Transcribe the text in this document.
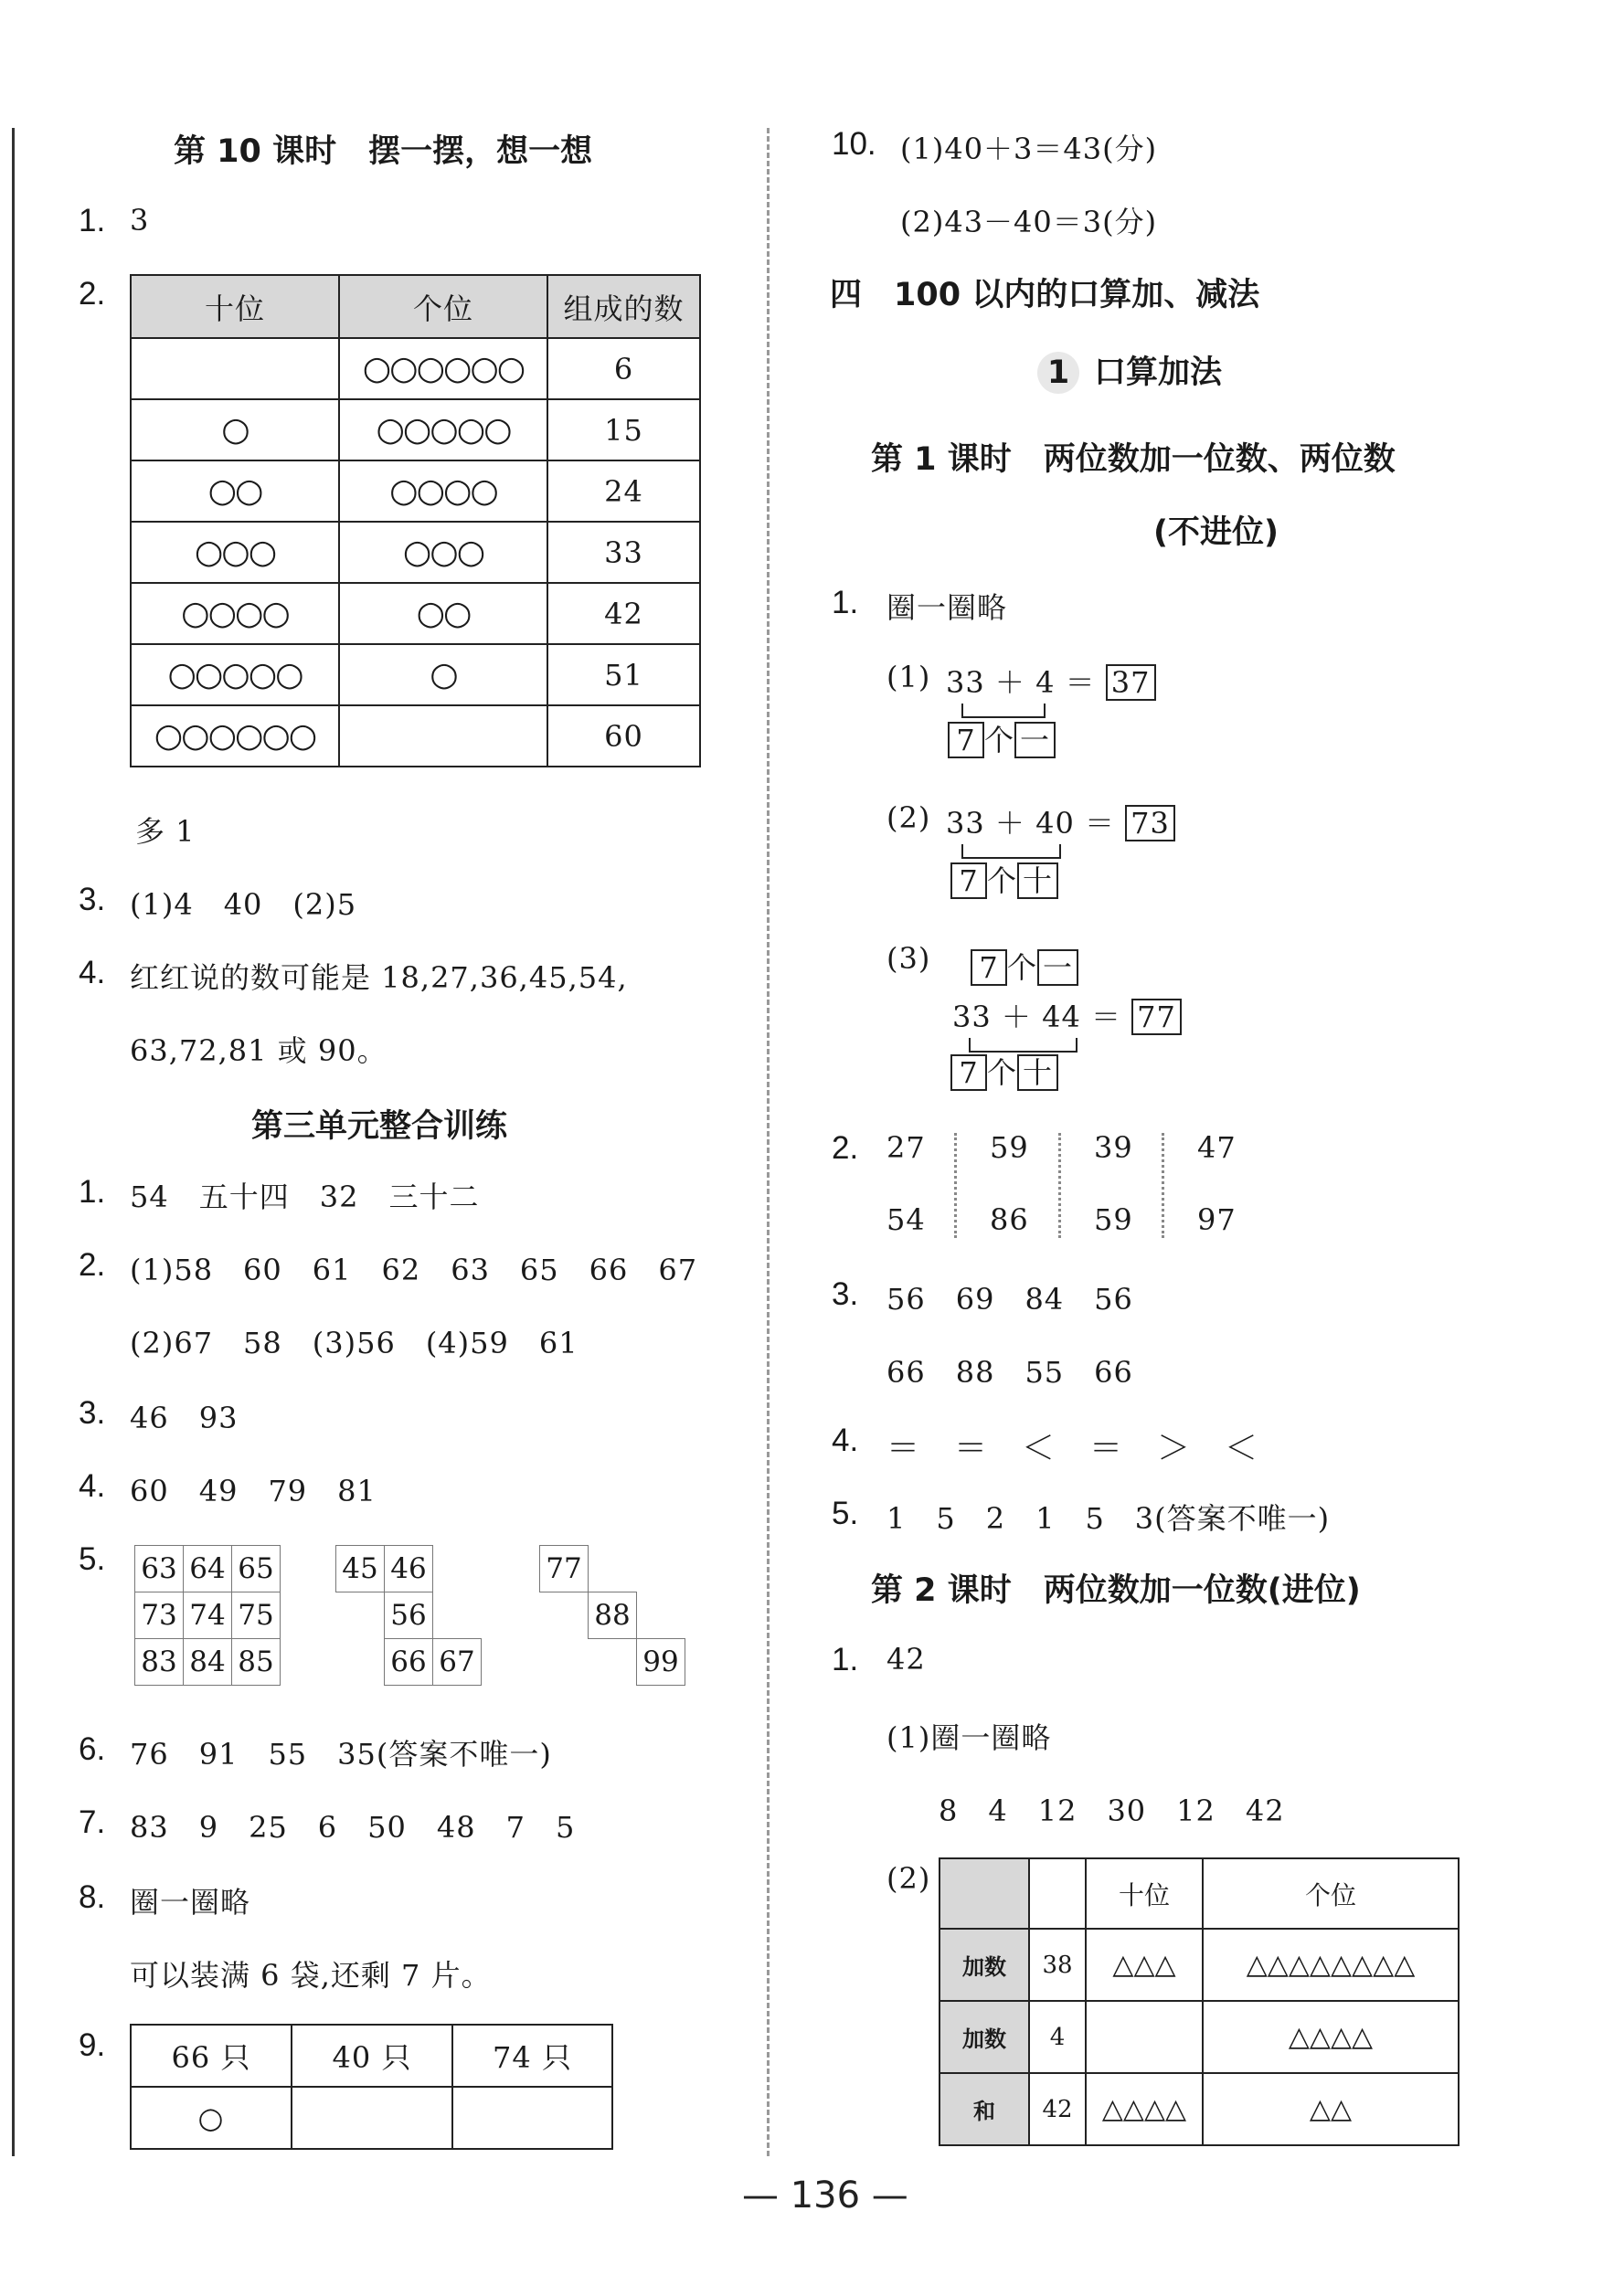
第 10 课时　摆一摆，想一想
1. 3
2.	十位	个位	组成的数
	○○○○○○	6
○	○○○○○	15
○○	○○○○	24
○○○	○○○	33
○○○○	○○	42
○○○○○	○	51
○○○○○○		60
多 1
3. (1)4　40　(2)5
4. 红红说的数可能是 18,27,36,45,54,
63,72,81 或 90。
第三单元整合训练
1. 54　五十四　32　三十二
2. (1)58　60　61　62　63　65　66　67
(2)67　58　(3)56　(4)59　61
3. 46　93
4. 60　49　79　81
5. 63	64	65
73	74	75
83	84	85
45	46	
	56	
	66	67
77		
	88	
		99
6. 76　91　55　35(答案不唯一)
7. 83　9　25　6　50　48　7　5
8. 圈一圈略
可以装满 6 袋,还剩 7 片。
9. 66 只	40 只	74 只
○		
10. (1)40＋3＝43(分)
(2)43－40＝3(分)
四　100 以内的口算加、减法
1 口算加法
第 1 课时　两位数加一位数、两位数
(不进位)
1. 圈一圈略
(1) 33 ＋ 4 ＝ 37
7 个 一
(2) 33 ＋ 40 ＝ 73
7 个 十
(3) 7 个 一
33 ＋ 44 ＝ 77
7 个 十
2. 27 59 39 47
54 86 59 97
3. 56　69　84　56
66　88　55　66
4. ＝　＝　＜　＝　＞　＜
5. 1　5　2　1　5　3(答案不唯一)
第 2 课时　两位数加一位数(进位)
1. 42
(1)圈一圈略
8　4　12　30　12　42
(2)
			十位	个位
加数	38	△△△	△△△△△△△△
加数	4		△△△△
和	42	△△△△	△△
— 136 —
